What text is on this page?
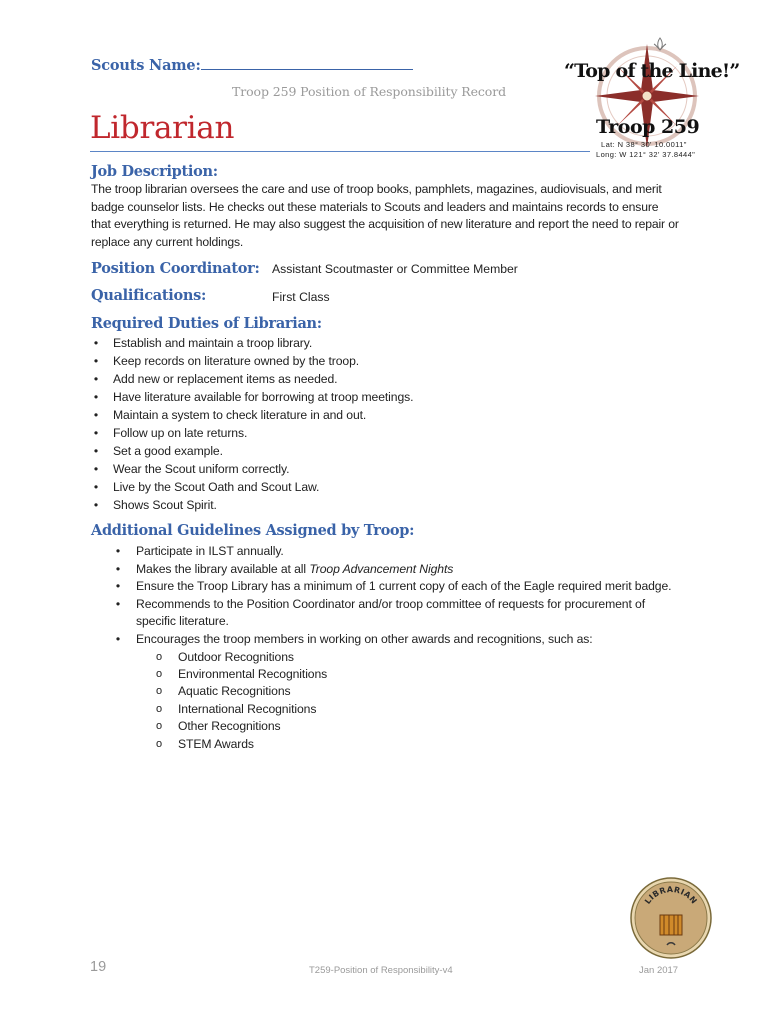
Scouts Name:
Troop 259 Position of Responsibility Record
Librarian
“Top of the Line!”
Troop 259
Lat: N 38° 30' 10.0011"
Long: W 121° 32' 37.8444"
Job Description:

The troop librarian oversees the care and use of troop books, pamphlets, magazines, audiovisuals, and merit badge counselor lists. He checks out these materials to Scouts and leaders and maintains records to ensure that everything is returned. He may also suggest the acquisition of new literature and report the need to repair or replace any current holdings.

Position Coordinator: Assistant Scoutmaster or Committee Member
Qualifications:	First Class
Required Duties of Librarian:
• Establish and maintain a troop library.
• Keep records on literature owned by the troop.
• Add new or replacement items as needed.
• Have literature available for borrowing at troop meetings.
• Maintain a system to check literature in and out.
• Follow up on late returns.
• Set a good example.
• Wear the Scout uniform correctly.
• Live by the Scout Oath and Scout Law.
• Shows Scout Spirit.
Additional Guidelines Assigned by Troop:
• Participate in ILST annually.
• Makes the library available at all Troop Advancement Nights
• Ensure the Troop Library has a minimum of 1 current copy of each of the Eagle required merit badge.
• Recommends to the Position Coordinator and/or troop committee of requests for procurement of specific literature.
• Encourages the troop members in working on other awards and recognitions, such as:
o Outdoor Recognitions
o Environmental Recognitions
o Aquatic Recognitions
o International Recognitions
o Other Recognitions
o STEM Awards
LIBRARIAN
19	T259-Position of Responsibility-v4	Jan 2017
